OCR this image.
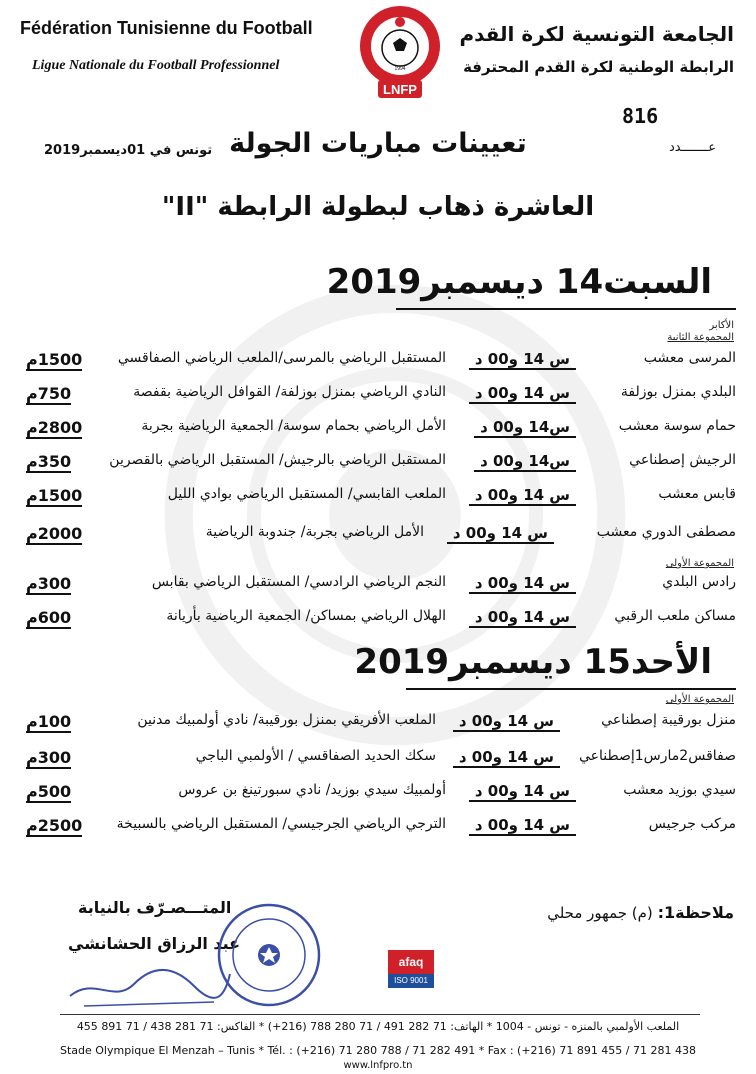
Fédération Tunisienne du Football
Ligue Nationale du Football Professionnel
الجامعة التونسية لكرة القدم
الرابطة الوطنية لكرة القدم المحترفة
LNFP
1994
816
عـــــــدد
تونس في 01ديسمبر2019 تعيينات مباريات الجولة
العاشرة ذهاب لبطولة الرابطة "II"
السبت14 ديسمبر2019
الأكابر
المجموعة الثانية
المرسى معشب
س 14 و00 د
المستقبل الرياضي بالمرسى/الملعب الرياضي الصفاقسي
1500م
البلدي بمنزل بوزلفة
س 14 و00 د
النادي الرياضي بمنزل بوزلفة/ القوافل الرياضية بقفصة
750م
حمام سوسة معشب
س14 و00 د
الأمل الرياضي بحمام سوسة/ الجمعية الرياضية بجربة
2800م
الرجيش إصطناعي
س14 و00 د
المستقبل الرياضي بالرجيش/ المستقبل الرياضي بالقصرين
350م
قابس معشب
س 14 و00 د
الملعب القابسي/ المستقبل الرياضي بوادي الليل
1500م
مصطفى الدوري معشب
س 14 و00 د
الأمل الرياضي بجربة/ جندوبة الرياضية
2000م
المجموعة الأولى
رادس البلدي
س 14 و00 د
النجم الرياضي الرادسي/ المستقبل الرياضي بقابس
300م
مساكن ملعب الرقبي
س 14 و00 د
الهلال الرياضي بمساكن/ الجمعية الرياضية بأريانة
600م
الأحد15 ديسمبر2019
المجموعة الأولى
منزل بورقيبة إصطناعي
س 14 و00 د
الملعب الأفريقي بمنزل بورقيبة/ نادي أولمبيك مدنين
100م
صفاقس2مارس1إصطناعي
س 14 و00 د
سكك الحديد الصفاقسي / الأولمبي الباجي
300م
سيدي بوزيد معشب
س 14 و00 د
أولمبيك سيدي بوزيد/ نادي سبورتينغ بن عروس
500م
مركب جرجيس
س 14 و00 د
الترجي الرياضي الجرجيسي/ المستقبل الرياضي بالسبيخة
2500م
ملاحظة1: (م) جمهور محلي
المتـــصـرّف بالنيابة
عبد الرزاق الحشانشي
afaq
ISO 9001
الملعب الأولمبي بالمنزه - تونس - 1004 * الهاتف: 71 282 491 / 71 280 788 (216+) * الفاكس: 71 281 438 / 71 891 455
Stade Olympique El Menzah – Tunis * Tél. : (+216) 71 280 788 / 71 282 491 * Fax : (+216) 71 891 455 / 71 281 438
www.lnfpro.tn
